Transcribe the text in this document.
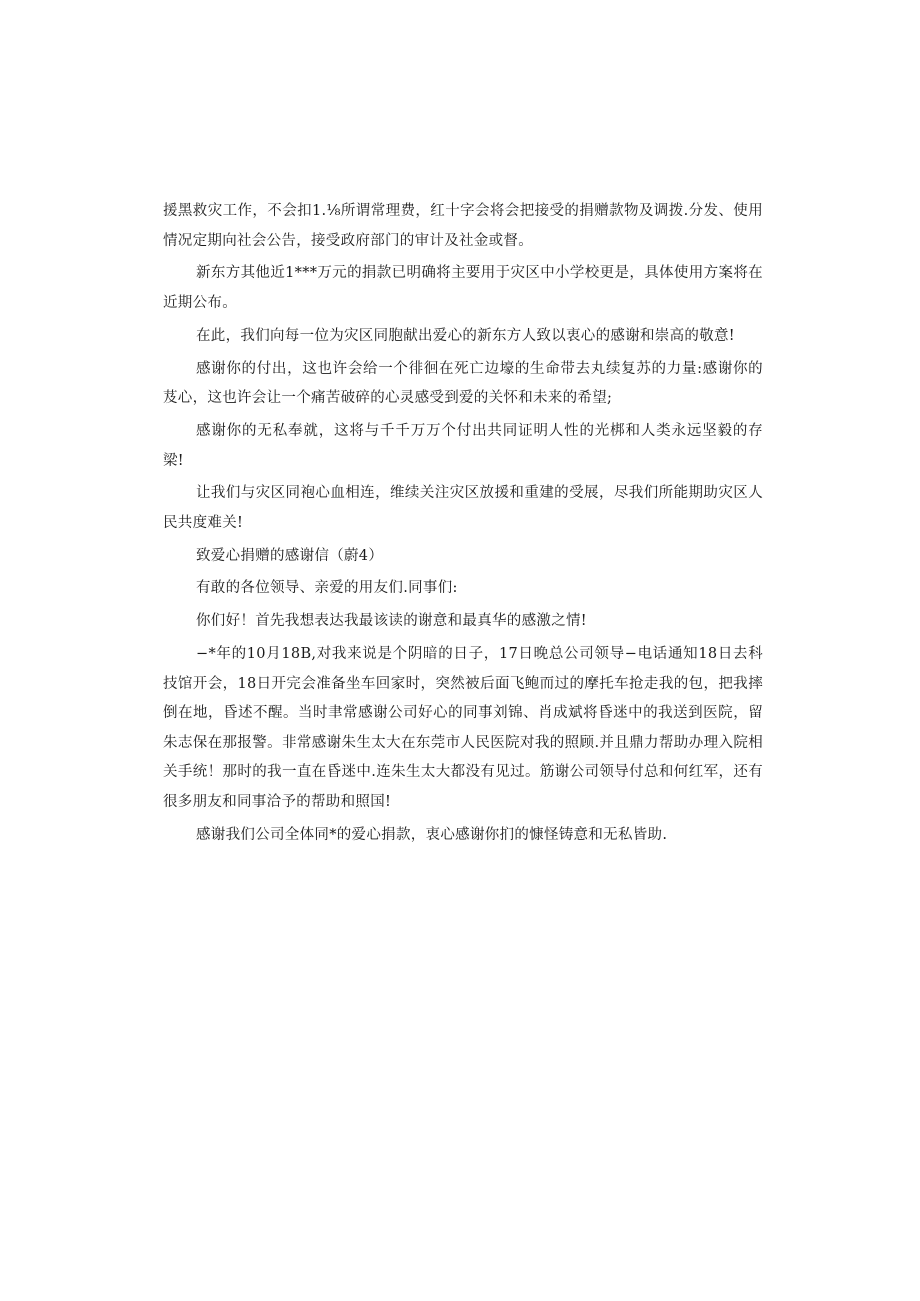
援黑救灾工作，不会扣1.⅛所谓常理费，红十字会将会把接受的捐赠款物及调拨.分发、使用情况定期向社会公告，接受政府部门的审计及社金或督。

新东方其他近1***万元的捐款已明确将主要用于灾区中小学校更是，具体使用方案将在近期公布。

在此，我们向每一位为灾区同胞献出爱心的新东方人致以衷心的感谢和崇高的敬意!

感谢你的付出，这也许会给一个徘徊在死亡边壕的生命带去丸续复苏的力量:感谢你的芨心，这也许会让一个痛苦破碎的心灵感受到爱的关怀和未来的希望;

感谢你的无私奉就，这将与千千万万个付出共同证明人性的光梆和人类永远坚毅的存梁!

让我们与灾区同袍心血相连，维续关注灾区放援和重建的受展，尽我们所能期助灾区人民共度难关!

致爱心捐赠的感谢信（蔚4）

有敢的各位领导、亲爱的用友们.同事们:

你们好！首先我想表达我最该读的谢意和最真华的感激之情!

−*年的10月18B,对我来说是个阴暗的日子，17日晚总公司领导−电话通知18日去科技馆开会，18日开完会准备坐车回家时，突然被后面飞鲍而过的摩托车抢走我的包，把我摔倒在地，昏述不醒。当时聿常感谢公司好心的同事刘锦、肖成斌将昏迷中的我送到医院，留朱志保在那报警。非常感谢朱生太大在东莞市人民医院对我的照顾.并且鼎力帮助办理入院相关手统！那时的我一直在昏迷中.连朱生太大都没有见过。筋谢公司领导付总和何红军，还有很多朋友和同事洽予的帮助和照国!

感谢我们公司全体同*的爱心捐款，衷心感谢你扪的慷怪铸意和无私皆助.
